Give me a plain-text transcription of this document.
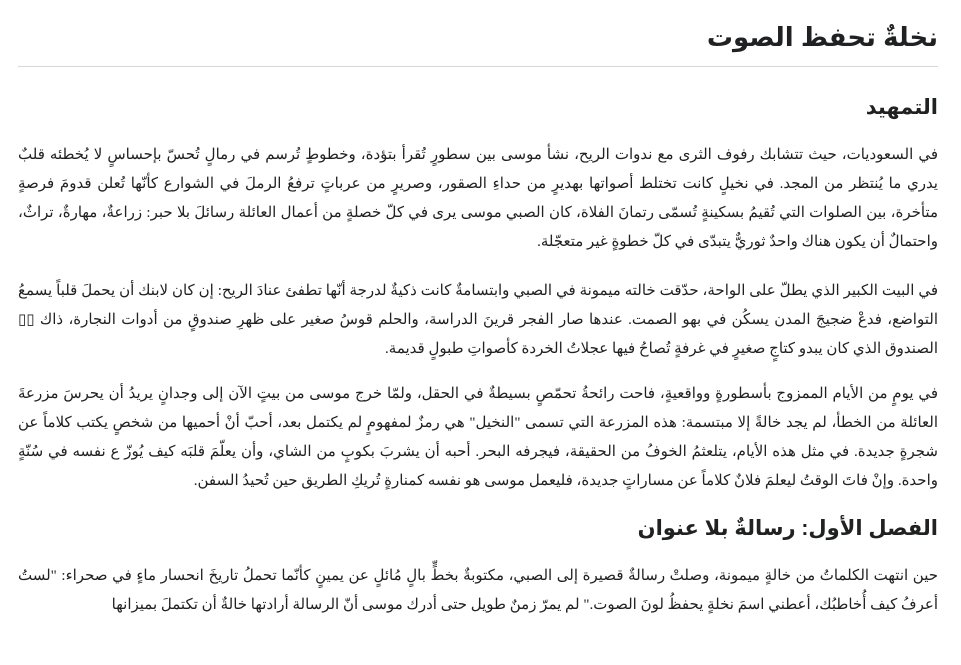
نخلةٌ تحفظ الصوت
التمهيد

في السعوديات، حيث تتشابك رفوف الثرى مع ندوات الريح، نشأ موسى بين سطورٍ تُقرأ بتؤدة، وخطوطٍ تُرسم في رمالٍ تُحسّ بإحساسٍ لا يُخطئه قلبٌ يدري ما يُنتظر من المجد. في نخيلٍ كانت تختلط أصواتها بهديرٍ من حداءِ الصقور، وصريرٍ من عرباتٍ ترفعُ الرملَ في الشوارع كأنّها تُعلن قدومَ فرصةٍ متأخرة، بين الصلوات التي تُقيمُ بسكينةٍ تُسمّى رتمانَ الفلاة، كان الصبي موسى يرى في كلّ خصلةٍ من أعمال العائلة رسائلَ بلا حبر: زراعةٌ، مهارةٌ، تراثٌ، واحتمالٌ أن يكون هناك واحدٌ ثوريٌّ يتبدّى في كلّ خطوةٍ غير متعجّلة.

في البيت الكبير الذي يطلّ على الواحة، حدّقت خالته ميمونة في الصبي وابتسامةٌ كانت ذكيةٌ لدرجة أنّها تطفئ عنادَ الريح: إن كان لابنك أن يحملَ قلباً يسمعُ التواضع، فدعْ ضجيجَ المدن يسكُن في بهو الصمت. عندها صار الفجر قرينَ الدراسة، والحلم قوسُ صغير على ظهرِ صندوقٍ من أدوات النجارة، ذاك ▯▯ الصندوق الذي كان يبدو كتاجٍ صغيرٍ في غرفةٍ تُصاحُ فيها عجلاتُ الخردة كأصواتِ طبولٍ قديمة.

في يومٍ من الأيام الممزوج بأسطورةٍ وواقعيةٍ، فاحت رائحةُ تحمّصٍ بسيطةٌ في الحقل، ولمّا خرج موسى من بيتٍ الآن إلى وجدانٍ يريدُ أن يحرسَ مزرعةَ العائلة من الخطأ، لم يجد خالةً إلا مبتسمة: هذه المزرعة التي تسمى "النخيل" هي رمزٌ لمفهومٍ لم يكتمل بعد، أحبّ أنْ أحميها من شخصٍ يكتب كلاماً عن شجرةٍ جديدة. في مثل هذه الأيام، يتلعثمُ الخوفُ من الحقيقة، فيجرفه البحر. أحبه أن يشربَ بكوبٍ من الشاي، وأن يعلّمَ قلبَه كيف يُوزّ ع نفسه في سُنّةٍ واحدة. وإنْ فاتَ الوقتُ ليعلمَ فلانٌ كلاماً عن مساراتٍ جديدة، فليعمل موسى هو نفسه كمنارةٍ تُريكِ الطريق حين تُحيدُ السفن.

الفصل الأول: رسالةٌ بلا عنوان

حين انتهت الكلماتُ من خالةٍ ميمونة، وصلتْ رسالةٌ قصيرة إلى الصبي، مكتوبةٌ بخطٍّ بالٍ مُائلٍ عن يمينٍ كأنّما تحملُ تاريخَ انحسار ماءٍ في صحراء: "لستُ أعرفُ كيف أُخاطبُك، أعطني اسمَ نخلةٍ يحفظُ لونَ الصوت." لم يمرّ زمنٌ طويل حتى أدرك موسى أنّ الرسالة أرادتها خالةٌ أن تكتملَ بميزانها
